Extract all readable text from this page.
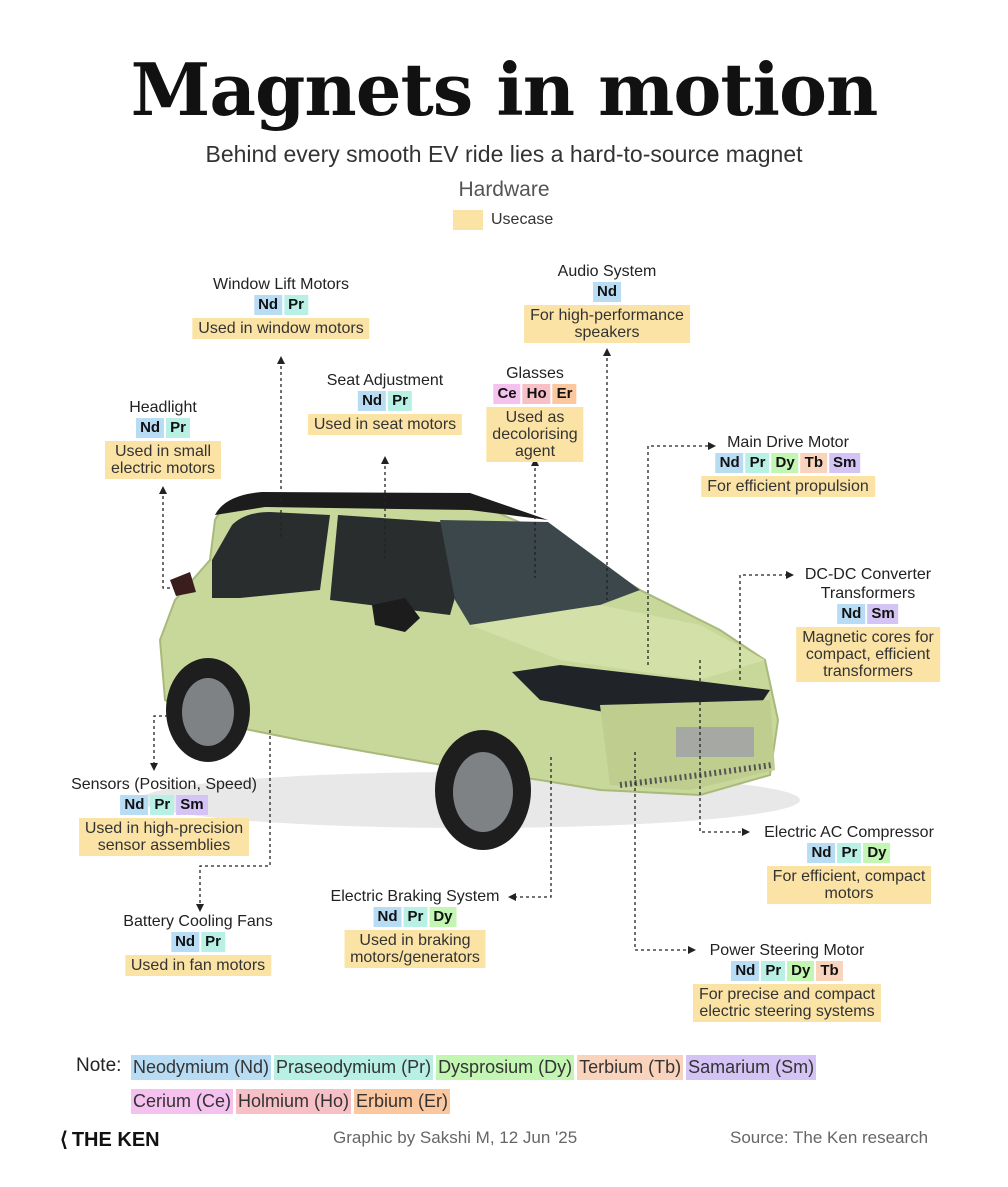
Magnets in motion
Behind every smooth EV ride lies a hard-to-source magnet
Hardware
Usecase
Window Lift Motors
Nd Pr
Used in window motors
Audio System
Nd
For high-performance
speakers
Seat Adjustment
Nd Pr
Used in seat motors
Glasses
Ce Ho Er
Used as
decolorising
agent
Headlight
Nd Pr
Used in small
electric motors
Main Drive Motor
Nd Pr Dy Tb Sm
For efficient propulsion
DC-DC Converter
Transformers
Nd Sm
Magnetic cores for
compact, efficient
transformers
Sensors (Position, Speed)
Nd Pr Sm
Used in high-precision
sensor assemblies
Electric AC Compressor
Nd Pr Dy
For efficient, compact
motors
Electric Braking System
Nd Pr Dy
Used in braking
motors/generators
Battery Cooling Fans
Nd Pr
Used in fan motors
Power Steering Motor
Nd Pr Dy Tb
For precise and compact
electric steering systems
Note: Neodymium (Nd) Praseodymium (Pr) Dysprosium (Dy) Terbium (Tb) Samarium (Sm)
Cerium (Ce) Holmium (Ho) Erbium (Er)
⟨ THE KEN	Graphic by Sakshi M, 12 Jun '25	Source: The Ken research
